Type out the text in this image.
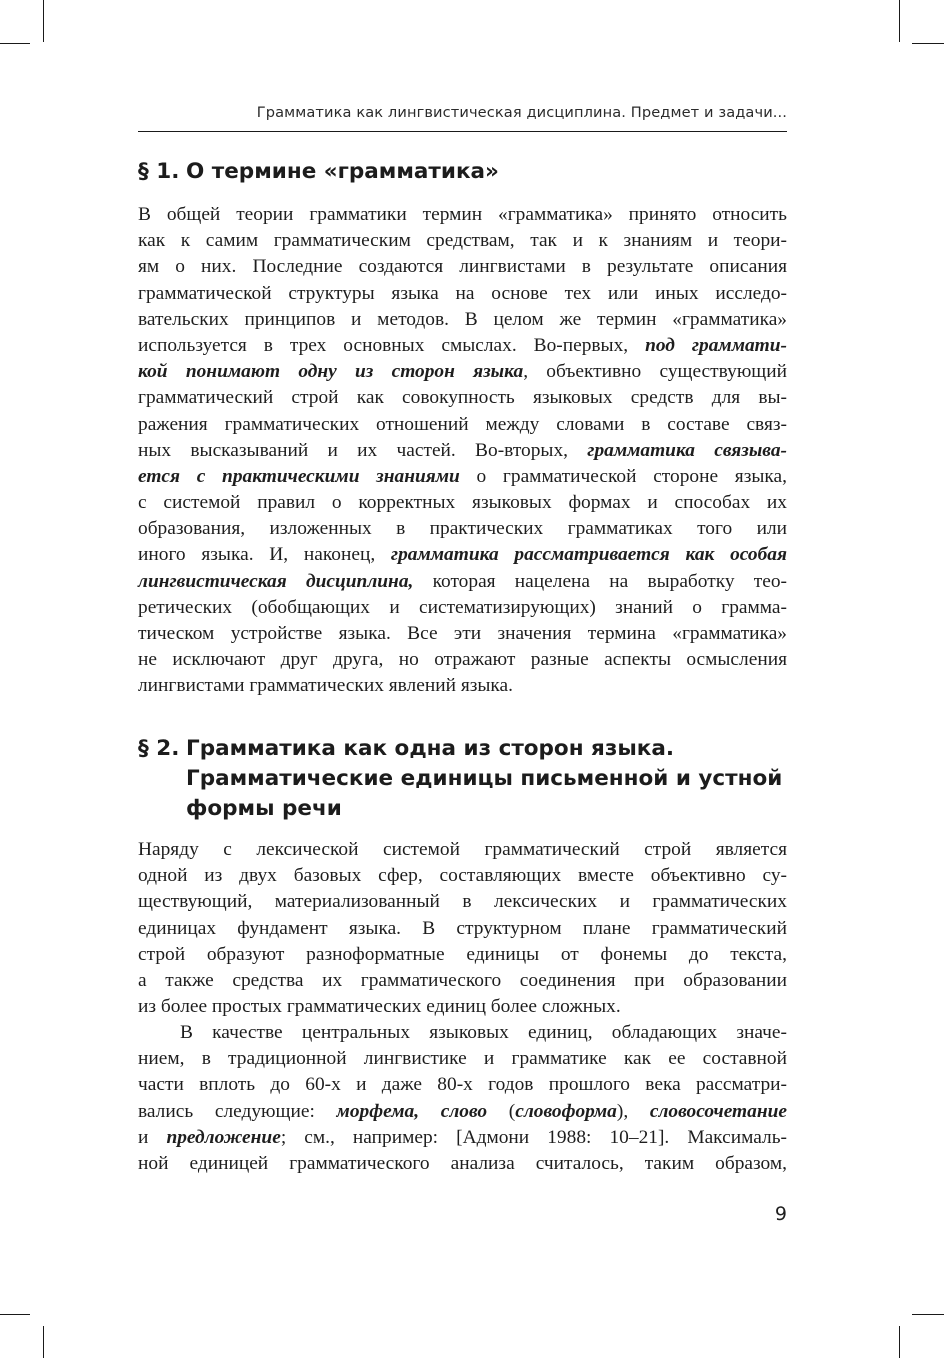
Грамматика как лингвистическая дисциплина. Предмет и задачи...
§ 1. О термине «грамматика»
В общей теории грамматики термин «грамматика» принято относить
как к самим грамматическим средствам, так и к знаниям и теори-
ям о них. Последние создаются лингвистами в результате описания
грамматической структуры языка на основе тех или иных исследо-
вательских принципов и методов. В целом же термин «грамматика»
используется в трех основных смыслах. Во-первых, под граммати-
кой понимают одну из сторон языка, объективно существующий
грамматический строй как совокупность языковых средств для вы-
ражения грамматических отношений между словами в составе связ-
ных высказываний и их частей. Во-вторых, грамматика связыва-
ется с практическими знаниями о грамматической стороне языка,
с системой правил о корректных языковых формах и способах их
образования, изложенных в практических грамматиках того или
иного языка. И, наконец, грамматика рассматривается как особая
лингвистическая дисциплина, которая нацелена на выработку тео-
ретических (обобщающих и систематизирующих) знаний о грамма-
тическом устройстве языка. Все эти значения термина «грамматика»
не исключают друг друга, но отражают разные аспекты осмысления
лингвистами грамматических явлений языка.
§ 2. Грамматика как одна из сторон языка.
Грамматические единицы письменной и устной
формы речи
Наряду с лексической системой грамматический строй является
одной из двух базовых сфер, составляющих вместе объективно су-
ществующий, материализованный в лексических и грамматических
единицах фундамент языка. В структурном плане грамматический
строй образуют разноформатные единицы от фонемы до текста,
а также средства их грамматического соединения при образовании
из более простых грамматических единиц более сложных.
В качестве центральных языковых единиц, обладающих значе-
нием, в традиционной лингвистике и грамматике как ее составной
части вплоть до 60-х и даже 80-х годов прошлого века рассматри-
вались следующие: морфема, слово (словоформа), словосочетание
и предложение; см., например: [Адмони 1988: 10–21]. Максималь-
ной единицей грамматического анализа считалось, таким образом,
9
